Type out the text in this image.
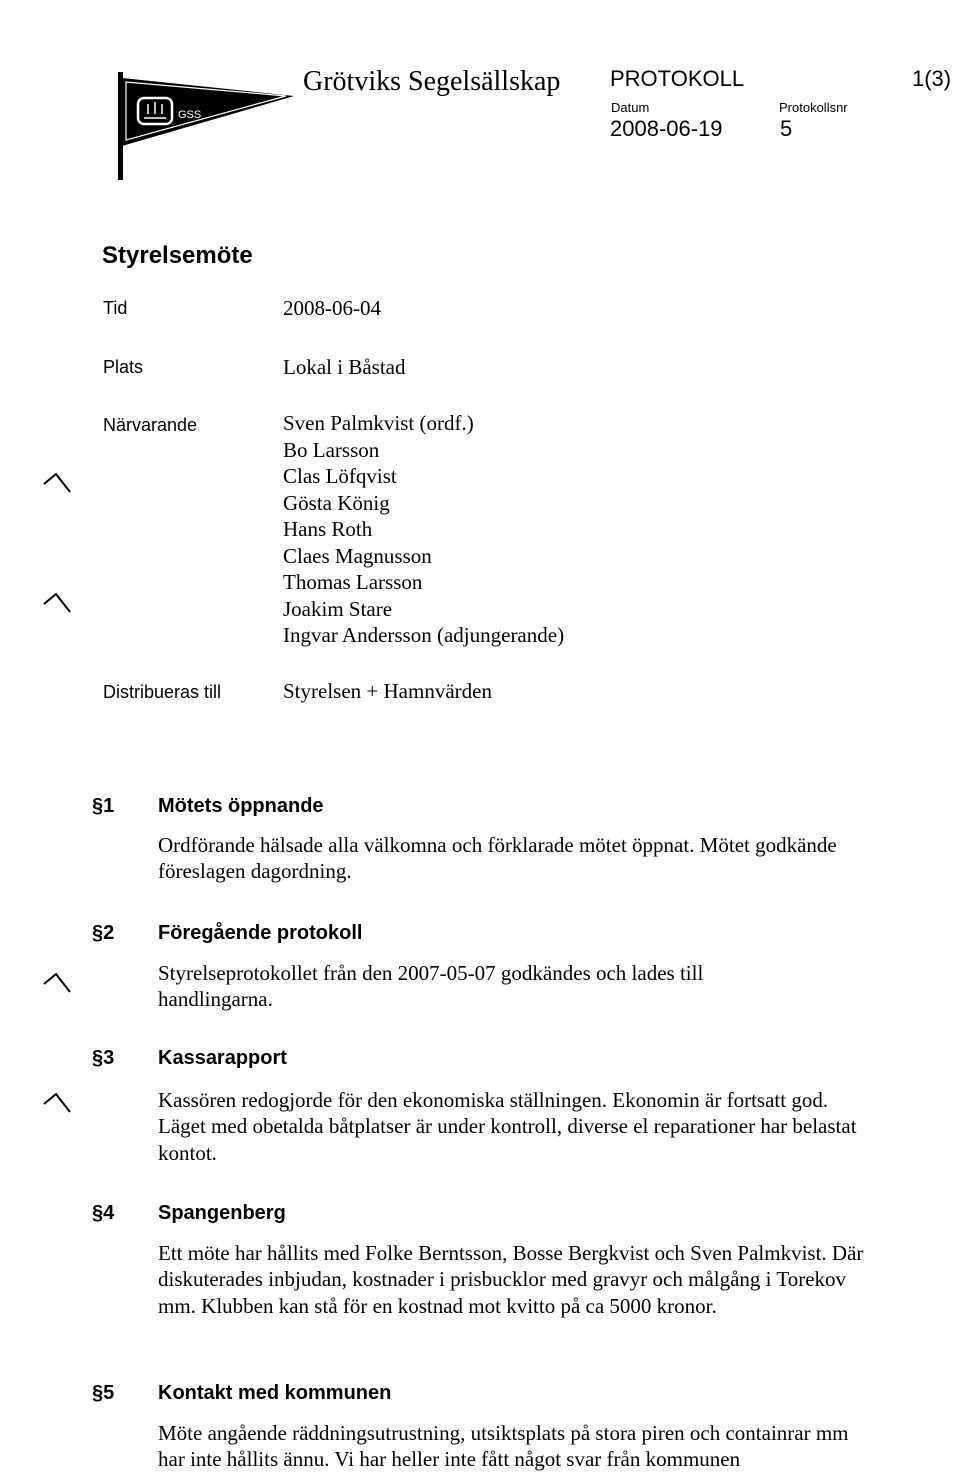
GSS
Grötviks Segelsällskap PROTOKOLL	1(3)
Datum	Protokollsnr
2008-06-19	5
Styrelsemöte
Tid	2008-06-04
Plats	Lokal i Båstad
Närvarande	Sven Palmkvist (ordf.)
Bo Larsson
Clas Löfqvist
Gösta König
Hans Roth
Claes Magnusson
Thomas Larsson
Joakim Stare
Ingvar Andersson (adjungerande)
Distribueras till	Styrelsen + Hamnvärden
§1 Mötets öppnande

Ordförande hälsade alla välkomna och förklarade mötet öppnat. Mötet godkände föreslagen dagordning.

§2 Föregående protokoll

Styrelseprotokollet från den 2007-05-07 godkändes och lades till handlingarna.

§3 Kassarapport

Kassören redogjorde för den ekonomiska ställningen. Ekonomin är fortsatt god. Läget med obetalda båtplatser är under kontroll, diverse el reparationer har belastat kontot.

§4 Spangenberg

Ett möte har hållits med Folke Berntsson, Bosse Bergkvist och Sven Palmkvist. Där diskuterades inbjudan, kostnader i prisbucklor med gravyr och målgång i Torekov mm. Klubben kan stå för en kostnad mot kvitto på ca 5000 kronor.

§5 Kontakt med kommunen

Möte angående räddningsutrustning, utsiktsplats på stora piren och containrar mm har inte hållits ännu. Vi har heller inte fått något svar från kommunen
